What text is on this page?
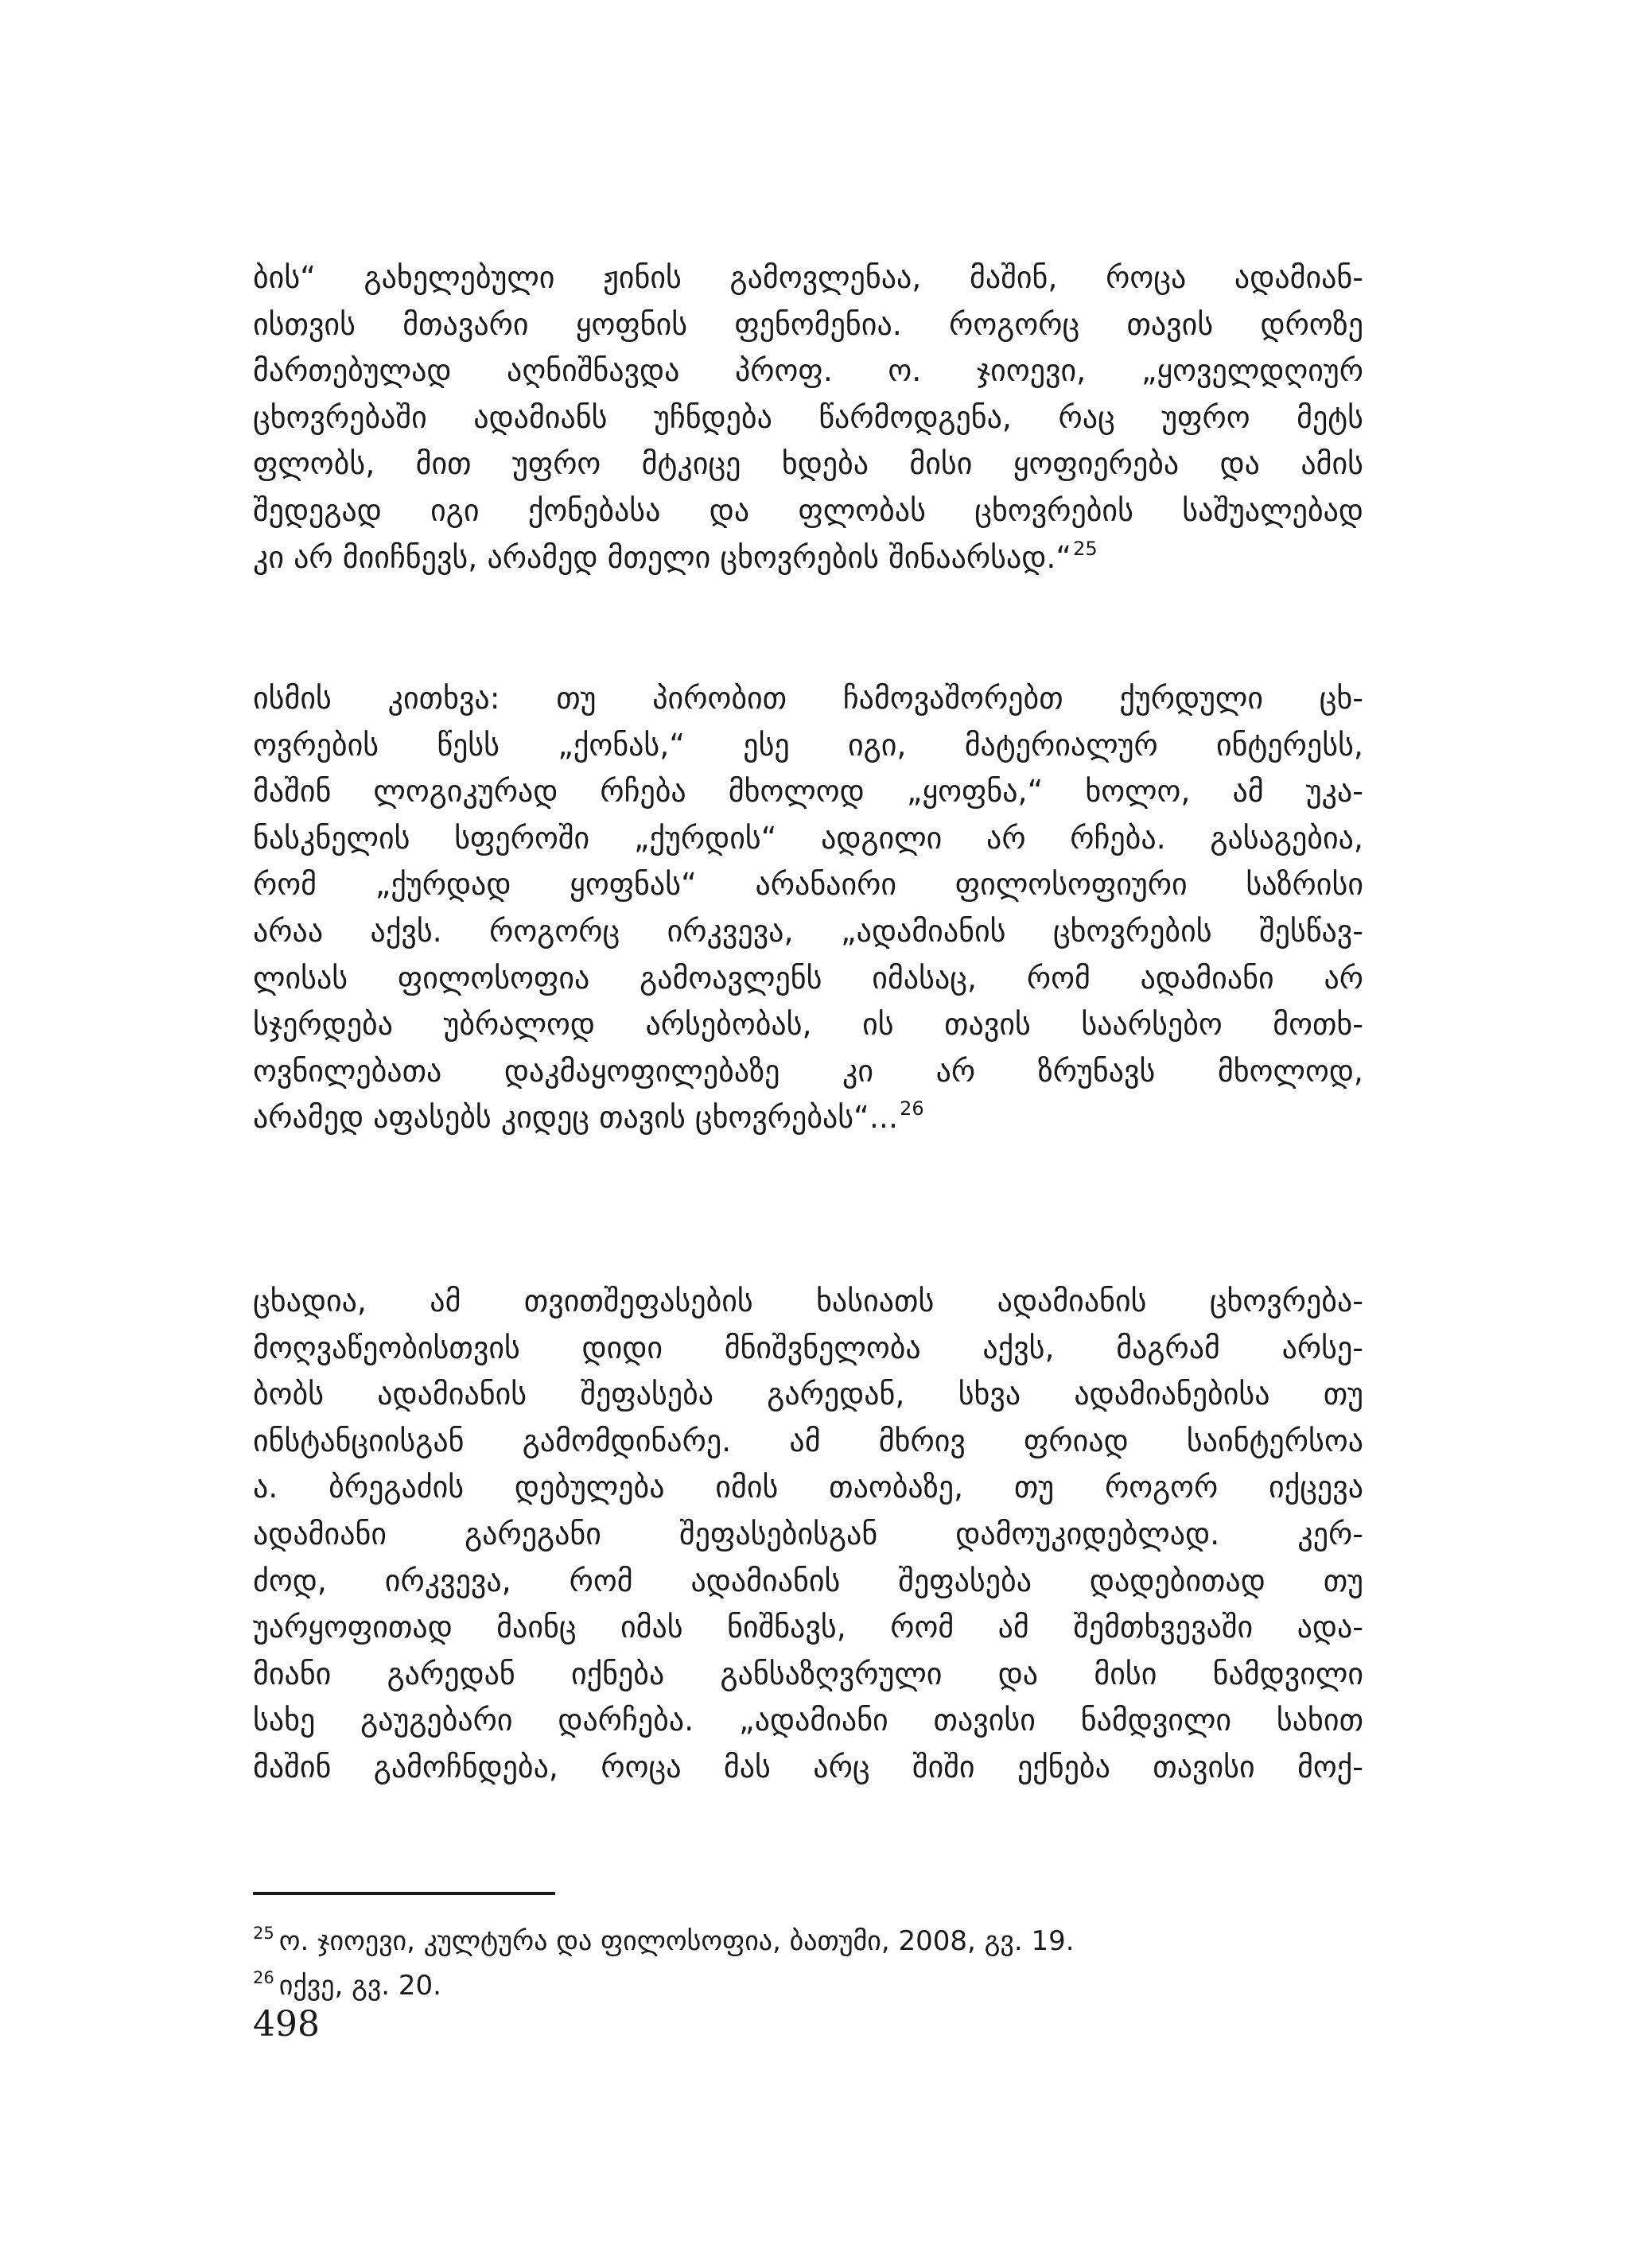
ბის“ გახელებული ჟინის გამოვლენაა, მაშინ, როცა ადამიან-
ისთვის მთავარი ყოფნის ფენომენია. როგორც თავის დროზე
მართებულად აღნიშნავდა პროფ. ო. ჯიოევი, „ყოველდღიურ
ცხოვრებაში ადამიანს უჩნდება წარმოდგენა, რაც უფრო მეტს
ფლობს, მით უფრო მტკიცე ხდება მისი ყოფიერება და ამის
შედეგად იგი ქონებასა და ფლობას ცხოვრების საშუალებად
კი არ მიიჩნევს, არამედ მთელი ცხოვრების შინაარსად.“$^{25}$
ისმის კითხვა: თუ პირობით ჩამოვაშორებთ ქურდული ცხ-
ოვრების წესს „ქონას,“ ესე იგი, მატერიალურ ინტერესს,
მაშინ ლოგიკურად რჩება მხოლოდ „ყოფნა,“ ხოლო, ამ უკა-
ნასკნელის სფეროში „ქურდის“ ადგილი არ რჩება. გასაგებია,
რომ „ქურდად ყოფნას“ არანაირი ფილოსოფიური საზრისი
არაა აქვს. როგორც ირკვევა, „ადამიანის ცხოვრების შესწავ-
ლისას ფილოსოფია გამოავლენს იმასაც, რომ ადამიანი არ
სჯერდება უბრალოდ არსებობას, ის თავის საარსებო მოთხ-
ოვნილებათა დაკმაყოფილებაზე კი არ ზრუნავს მხოლოდ,
არამედ აფასებს კიდეც თავის ცხოვრებას“...$^{26}$
ცხადია, ამ თვითშეფასების ხასიათს ადამიანის ცხოვრება-
მოღვაწეობისთვის დიდი მნიშვნელობა აქვს, მაგრამ არსე-
ბობს ადამიანის შეფასება გარედან, სხვა ადამიანებისა თუ
ინსტანციისგან გამომდინარე. ამ მხრივ ფრიად საინტერსოა
ა. ბრეგაძის დებულება იმის თაობაზე, თუ როგორ იქცევა
ადამიანი გარეგანი შეფასებისგან დამოუკიდებლად. კერ-
ძოდ, ირკვევა, რომ ადამიანის შეფასება დადებითად თუ
უარყოფითად მაინც იმას ნიშნავს, რომ ამ შემთხვევაში ადა-
მიანი გარედან იქნება განსაზღვრული და მისი ნამდვილი
სახე გაუგებარი დარჩება. „ადამიანი თავისი ნამდვილი სახით
მაშინ გამოჩნდება, როცა მას არც შიში ექნება თავისი მოქ-
$^{25}$ ო. ჯიოევი, კულტურა და ფილოსოფია, ბათუმი, 2008, გვ. 19.
$^{26}$ იქვე, გვ. 20.
498
